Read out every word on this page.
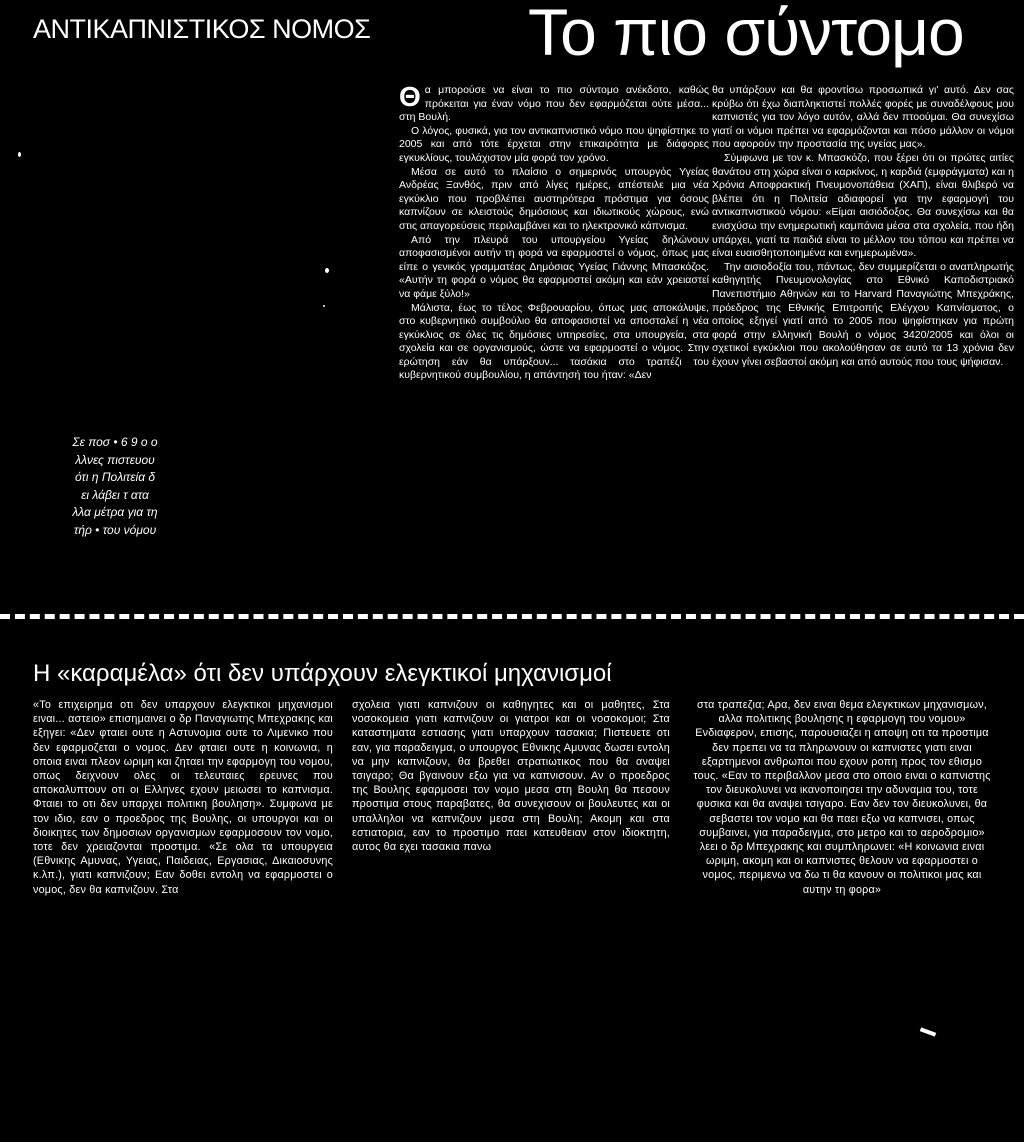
ΑΝΤΙΚΑΠΝΙΣΤΙΚΟΣ ΝΟΜΟΣ Το πιο σύντομο
Σε ποσ • 6 9 ο ο
λλνες πιστευου
ότι η Πολιτεία δ
ει λάβει τ ατα
λλα μέτρα για τη
τήρ • του νόμου

Θα μπορούσε να είναι το πιο σύντομο ανέκδοτο, καθώς πρόκειται για έναν νόμο που δεν εφαρμόζεται ούτε μέσα... στη Βουλή.

Ο λόγος, φυσικά, για τον αντικαπνιστικό νόμο που ψηφίστηκε το 2005 και από τότε έρχεται στην επικαιρότητα με διάφορες εγκυκλίους, τουλάχιστον μία φορά τον χρόνο.

Μέσα σε αυτό το πλαίσιο ο σημερινός υπουργός Υγείας Ανδρέας Ξανθός, πριν από λίγες ημέρες, απέστειλε μια νέα εγκύκλιο που προβλέπει αυστηρότερα πρόστιμα για όσους καπνίζουν σε κλειστούς δημόσιους και ιδιωτικούς χώρους, ενώ στις απαγορεύσεις περιλαμβάνει και το ηλεκτρονικό κάπνισμα.

Από την πλευρά του υπουργείου Υγείας δηλώνουν αποφασισμένοι αυτήν τη φορά να εφαρμοστεί ο νόμος, όπως μας είπε ο γενικός γραμματέας Δημόσιας Υγείας Γιάννης Μπασκόζος. «Αυτήν τη φορά ο νόμος θα εφαρμοστεί ακόμη και εάν χρειαστεί να φάμε ξύλο!»

Μάλιστα, έως το τέλος Φεβρουαρίου, όπως μας αποκάλυψε, στο κυβερνητικό συμβούλιο θα αποφασιστεί να αποσταλεί η νέα εγκύκλιος σε όλες τις δημόσιες υπηρεσίες, στα υπουργεία, στα σχολεία και σε οργανισμούς, ώστε να εφαρμοστεί ο νόμος. Στην ερώτηση εάν θα υπάρξουν... τασάκια στο τραπέζι του κυβερνητικού συμβουλίου, η απάντησή του ήταν: «Δεν

θα υπάρξουν και θα φροντίσω προσωπικά γι' αυτό. Δεν σας κρύβω ότι έχω διαπληκτιστεί πολλές φορές με συναδέλφους μου καπνιστές για τον λόγο αυτόν, αλλά δεν πτοούμαι. Θα συνεχίσω γιατί οι νόμοι πρέπει να εφαρμόζονται και πόσο μάλλον οι νόμοι που αφορούν την προστασία της υγείας μας».

Σύμφωνα με τον κ. Μπασκόζο, που ξέρει ότι οι πρώτες αιτίες θανάτου στη χώρα είναι ο καρκίνος, η καρδιά (εμφράγματα) και η Χρόνια Αποφρακτική Πνευμονοπάθεια (ΧΑΠ), είναι θλιβερό να βλέπει ότι η Πολιτεία αδιαφορεί για την εφαρμογή του αντικαπνιστικού νόμου: «Είμαι αισιόδοξος. Θα συνεχίσω και θα ενισχύσω την ενημερωτική καμπάνια μέσα στα σχολεία, που ήδη υπάρχει, γιατί τα παιδιά είναι το μέλλον του τόπου και πρέπει να είναι ευαισθητοποιημένα και ενημερωμένα».

Την αισιοδοξία του, πάντως, δεν συμμερίζεται ο αναπληρωτής καθηγητής Πνευμονολογίας στο Εθνικό Καποδιστριακό Πανεπιστήμιο Αθηνών και το Harvard Παναγιώτης Μπεχράκης, πρόεδρος της Εθνικής Επιτροπής Ελέγχου Καπνίσματος, ο οποίος εξηγεί γιατί από το 2005 που ψηφίστηκαν για πρώτη φορά στην ελληνική Βουλή ο νόμος 3420/2005 και όλοι οι σχετικοί εγκύκλιοι που ακολούθησαν σε αυτό τα 13 χρόνια δεν έχουν γίνει σεβαστοί ακόμη και από αυτούς που τους ψήφισαν.

Η «καραμέλα» ότι δεν υπάρχουν ελεγκτικοί μηχανισμοί

«Το επιχειρημα οτι δεν υπαρχουν ελεγκτικοι μηχανισμοι ειναι... αστειο» επισημαινει ο δρ Παναγιωτης Μπεχρακης και εξηγει: «Δεν φταιει ουτε η Αστυνομια ουτε το Λιμενικο που δεν εφαρμοζεται ο νομος. Δεν φταιει ουτε η κοινωνια, η οποια ειναι πλεον ωριμη και ζηταει την εφαρμογη του νομου, οπως δειχνουν ολες οι τελευταιες ερευνες που αποκαλυπτουν οτι οι Ελληνες εχουν μειωσει το καπνισμα. Φταιει το οτι δεν υπαρχει πολιτικη βουληση». Συμφωνα με τον ιδιο, εαν ο προεδρος της Βουλης, οι υπουργοι και οι διοικητες των δημοσιων οργανισμων εφαρμοσουν τον νομο, τοτε δεν χρειαζονται προστιμα. «Σε ολα τα υπουργεια (Εθνικης Αμυνας, Υγειας, Παιδειας, Εργασιας, Δικαιοσυνης κ.λπ.), γιατι καπνιζουν; Εαν δοθει εντολη να εφαρμοστει ο νομος, δεν θα καπνιζουν. Στα

σχολεια γιατι καπνιζουν οι καθηγητες και οι μαθητες, Στα νοσοκομεια γιατι καπνιζουν οι γιατροι και οι νοσοκομοι; Στα καταστηματα εστιασης γιατι υπαρχουν τασακια; Πιστευετε οτι εαν, για παραδειγμα, ο υπουργος Εθνικης Αμυνας δωσει εντολη να μην καπνιζουν, θα βρεθει στρατιωτικος που θα αναψει τσιγαρο; Θα βγαινουν εξω για να καπνισουν. Αν ο προεδρος της Βουλης εφαρμοσει τον νομο μεσα στη Βουλη θα πεσουν προστιμα στους παραβατες, θα συνεχισουν οι βουλευτες και οι υπαλληλοι να καπνιζουν μεσα στη Βουλη; Ακομη και στα εστιατορια, εαν το προστιμο παει κατευθειαν στον ιδιοκτητη, αυτος θα εχει τασακια πανω

στα τραπεζια; Αρα, δεν ειναι θεμα ελεγκτικων μηχανισμων, αλλα πολιτικης βουλησης η εφαρμογη του νομου» Ενδιαφερον, επισης, παρουσιαζει η αποψη οτι τα προστιμα δεν πρεπει να τα πληρωνουν οι καπνιστες γιατι ειναι εξαρτημενοι ανθρωποι που εχουν ροπη προς τον εθισμο τους. «Εαν το περιβαλλον μεσα στο οποιο ειναι ο καπνιστης τον διευκολυνει να ικανοποιησει την αδυναμια του, τοτε φυσικα και θα αναψει τσιγαρο. Εαν δεν τον διευκολυνει, θα σεβαστει τον νομο και θα παει εξω να καπνισει, οπως συμβαινει, για παραδειγμα, στο μετρο και το αεροδρομιο» λεει ο δρ Μπεχρακης και συμπληρωνει: «Η κοινωνια ειναι ωριμη, ακομη και οι καπνιστες θελουν να εφαρμοστει ο νομος, περιμενω να δω τι θα κανουν οι πολιτικοι μας και αυτην τη φορα»
